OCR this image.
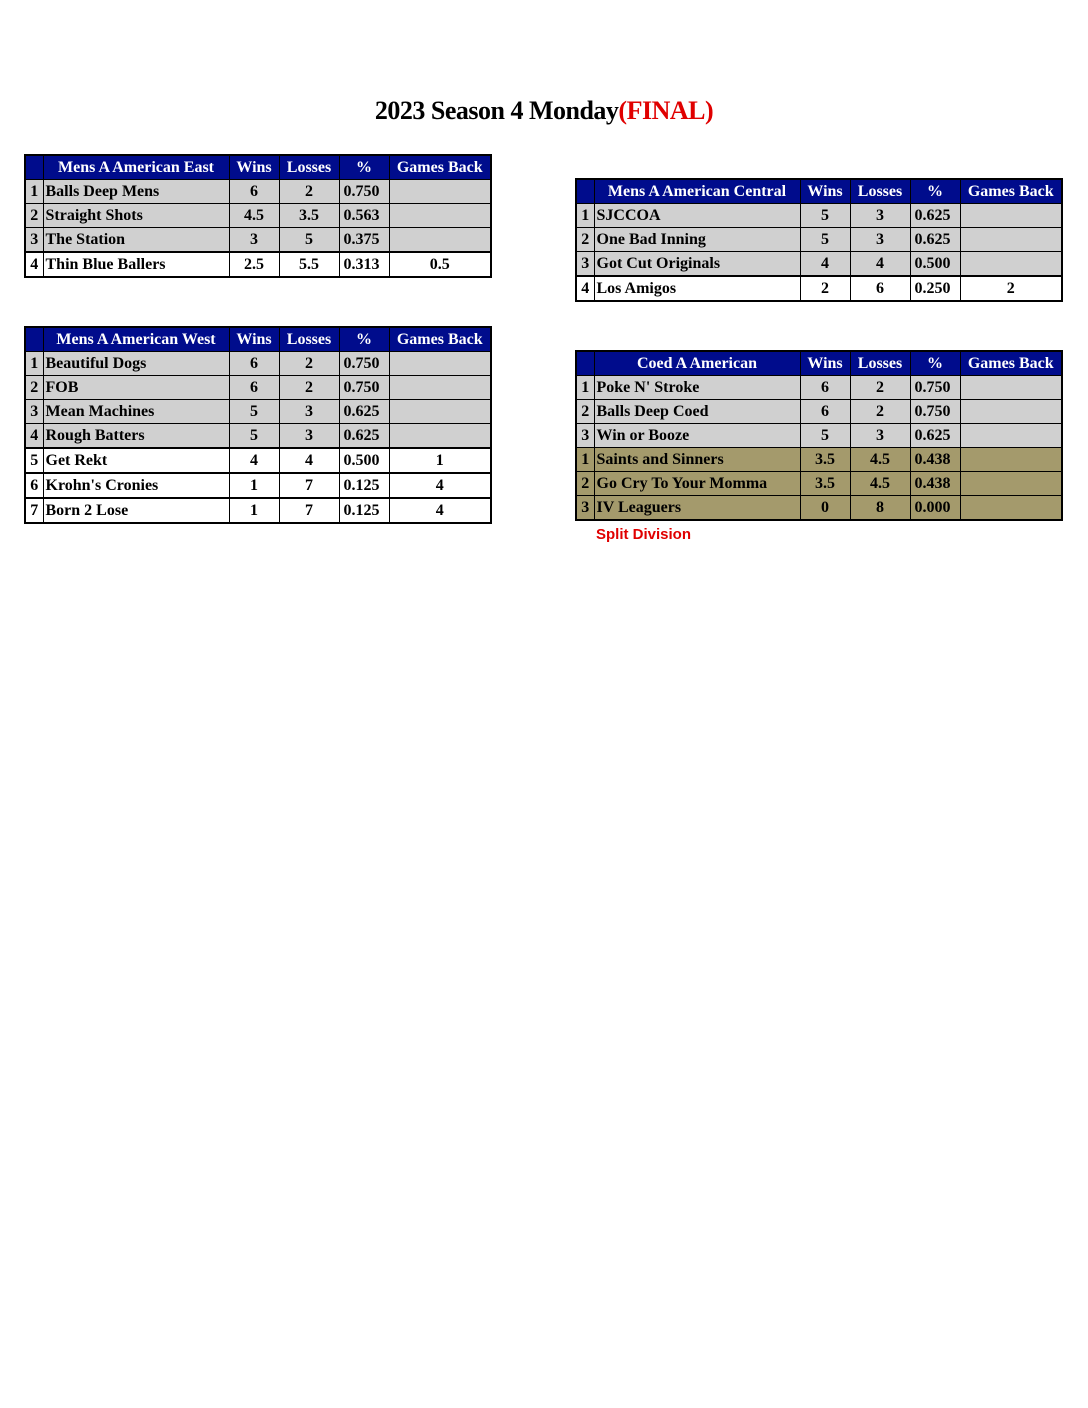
2023 Season 4 Monday(FINAL)
	Mens A American East	Wins	Losses	%	Games Back
1	Balls Deep Mens	6	2	0.750	
2	Straight Shots	4.5	3.5	0.563	
3	The Station	3	5	0.375	
4	Thin Blue Ballers	2.5	5.5	0.313	0.5
	Mens A American Central	Wins	Losses	%	Games Back
1	SJCCOA	5	3	0.625	
2	One Bad Inning	5	3	0.625	
3	Got Cut Originals	4	4	0.500	
4	Los Amigos	2	6	0.250	2
	Mens A American West	Wins	Losses	%	Games Back
1	Beautiful Dogs	6	2	0.750	
2	FOB	6	2	0.750	
3	Mean Machines	5	3	0.625	
4	Rough Batters	5	3	0.625	
5	Get Rekt	4	4	0.500	1
6	Krohn's Cronies	1	7	0.125	4
7	Born 2 Lose	1	7	0.125	4
	Coed A American	Wins	Losses	%	Games Back
1	Poke N' Stroke	6	2	0.750	
2	Balls Deep Coed	6	2	0.750	
3	Win or Booze	5	3	0.625	
1	Saints and Sinners	3.5	4.5	0.438	
2	Go Cry To Your Momma	3.5	4.5	0.438	
3	IV Leaguers	0	8	0.000	
Split Division
